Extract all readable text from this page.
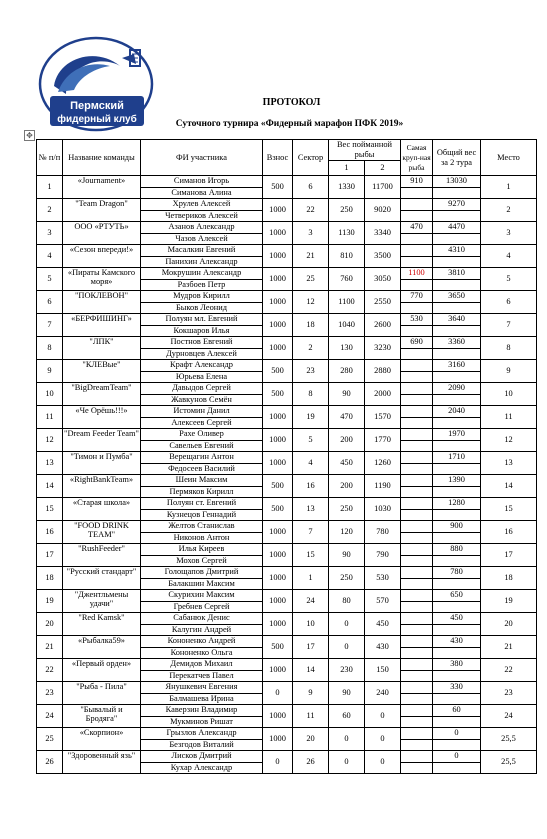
Пермский
фидерный клуб
ПРОТОКОЛ
Суточного турнира «Фидерный марафон ПФК 2019»
✥
№ п/п	Название команды	ФИ участника	Взнос	Сектор	Вес пойманной рыбы		Самая круп-ная рыба	Общий вес за 2 тура	Место
					1	2			
1	«Journament»	Симанов Игорь	500	6	1330	11700	910	13030	1
		Симанова Алина							
2	"Team Dragon"	Хрулев Алексей	1000	22	250	9020		9270	2
		Четвериков Алексей							
3	ООО «РТУТЬ»	Азанов Александр	1000	3	1130	3340	470	4470	3
		Чазов Алексей							
4	«Сезон впереди!»	Масалкин Евгений	1000	21	810	3500		4310	4
		Панихин Александр							
5	«Пираты Камского моря»	Мокрушин Александр	1000	25	760	3050	1100	3810	5
		Разбоев Петр							
6	"ПОКЛЕВОН"	Мудров Кирилл	1000	12	1100	2550	770	3650	6
		Быков Леонид							
7	«БЕРФИШИНГ»	Полуян мл. Евгений	1000	18	1040	2600	530	3640	7
		Кокшаров Илья							
8	"ЛПК"	Постнов Евгений	1000	2	130	3230	690	3360	8
		Дурновцев Алексей							
9	"КЛЕВые"	Крафт Александр	500	23	280	2880		3160	9
		Юрьева Елена							
10	"BigDreamTeam"	Давыдов Сергей	500	8	90	2000		2090	10
		Жавкунов Семён							
11	«Че Орёшь!!!»	Истомин Данил	1000	19	470	1570		2040	11
		Алексеев Сергей							
12	"Dream Feeder Team"	Рахе Оливер	1000	5	200	1770		1970	12
		Савельев Евгений							
13	"Тимон и Пумба"	Верещагин Антон	1000	4	450	1260		1710	13
		Федосеев Василий							
14	«RightBankTeam»	Шеин Максим	500	16	200	1190		1390	14
		Пермяков Кирилл							
15	«Старая школа»	Полуян ст. Евгений	500	13	250	1030		1280	15
		Кузнецов Геннадий							
16	"FOOD DRINK TEAM"	Желтов Станислав	1000	7	120	780		900	16
		Никонов Антон							
17	"RushFeeder"	Илья Киреев	1000	15	90	790		880	17
		Мохов Сергей							
18	"Русский стандарт"	Голощапов Дмитрий	1000	1	250	530		780	18
		Балакшин Максим							
19	"Джентльмены удачи"	Скурихин Максим	1000	24	80	570		650	19
		Гребнев Сергей							
20	"Red Kamsk"	Сабанюк Денис	1000	10	0	450		450	20
		Калугин Андрей							
21	«Рыбалка59»	Кононенко Андрей	500	17	0	430		430	21
		Кононенко Ольга							
22	«Первый орден»	Демидов Михаил	1000	14	230	150		380	22
		Перекатчев Павел							
23	"Рыба - Пила"	Янушкевич Евгения	0	9	90	240		330	23
		Балмашева Ирина							
24	"Бывалый и Бродяга"	Каверзин Владимир	1000	11	60	0		60	24
		Мукминов Ришат							
25	«Скорпион»	Грызлов Александр	1000	20	0	0		0	25,5
		Безгодов Виталий							
26	"Здоровенный язь"	Лисков Дмитрий	0	26	0	0		0	25,5
		Кухар Александр							
